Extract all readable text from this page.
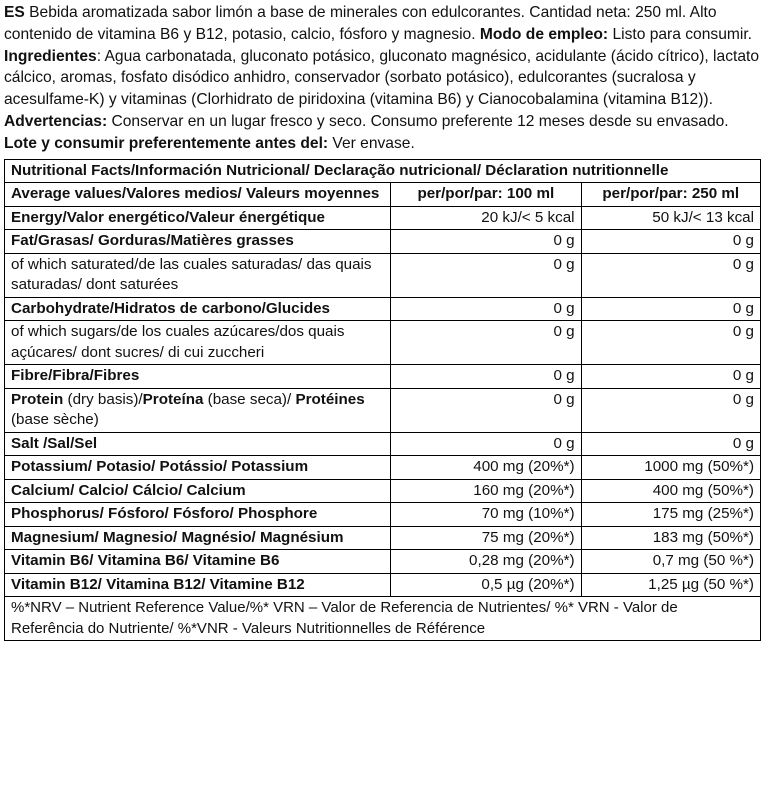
ES Bebida aromatizada sabor limón a base de minerales con edulcorantes. Cantidad neta: 250 ml. Alto contenido de vitamina B6 y B12, potasio, calcio, fósforo y magnesio. Modo de empleo: Listo para consumir. Ingredientes: Agua carbonatada, gluconato potásico, gluconato magnésico, acidulante (ácido cítrico), lactato cálcico, aromas, fosfato disódico anhidro, conservador (sorbato potásico), edulcorantes (sucralosa y acesulfame-K) y vitaminas (Clorhidrato de piridoxina (vitamina B6) y Cianocobalamina (vitamina B12)). Advertencias: Conservar en un lugar fresco y seco. Consumo preferente 12 meses desde su envasado. Lote y consumir preferentemente antes del: Ver envase.

Nutritional Facts/Información Nutricional/ Declaração nutricional/ Déclaration nutritionnelle		
Average values/Valores medios/ Valeurs moyennes	per/por/par: 100 ml	per/por/par: 250 ml
Energy/Valor energético/Valeur énergétique	20 kJ/< 5 kcal	50 kJ/< 13 kcal
Fat/Grasas/ Gorduras/Matières grasses	0 g	0 g
of which saturated/de las cuales saturadas/ das quais saturadas/ dont saturées	0 g	0 g
Carbohydrate/Hidratos de carbono/Glucides	0 g	0 g
of which sugars/de los cuales azúcares/dos quais açúcares/ dont sucres/ di cui zuccheri	0 g	0 g
Fibre/Fibra/Fibres	0 g	0 g
Protein (dry basis)/Proteína (base seca)/ Protéines (base sèche)	0 g	0 g
Salt /Sal/Sel	0 g	0 g
Potassium/ Potasio/ Potássio/ Potassium	400 mg (20%*)	1000 mg (50%*)
Calcium/ Calcio/ Cálcio/ Calcium	160 mg (20%*)	400 mg (50%*)
Phosphorus/ Fósforo/ Fósforo/ Phosphore	70 mg (10%*)	175 mg (25%*)
Magnesium/ Magnesio/ Magnésio/ Magnésium	75 mg (20%*)	183 mg (50%*)
Vitamin B6/ Vitamina B6/ Vitamine B6	0,28 mg (20%*)	0,7 mg (50 %*)
Vitamin B12/ Vitamina B12/ Vitamine B12	0,5 µg (20%*)	1,25 µg (50 %*)
%*NRV – Nutrient Reference Value/%* VRN – Valor de Referencia de Nutrientes/ %* VRN - Valor de Referência do Nutriente/ %*VNR - Valeurs Nutritionnelles de Référence		
